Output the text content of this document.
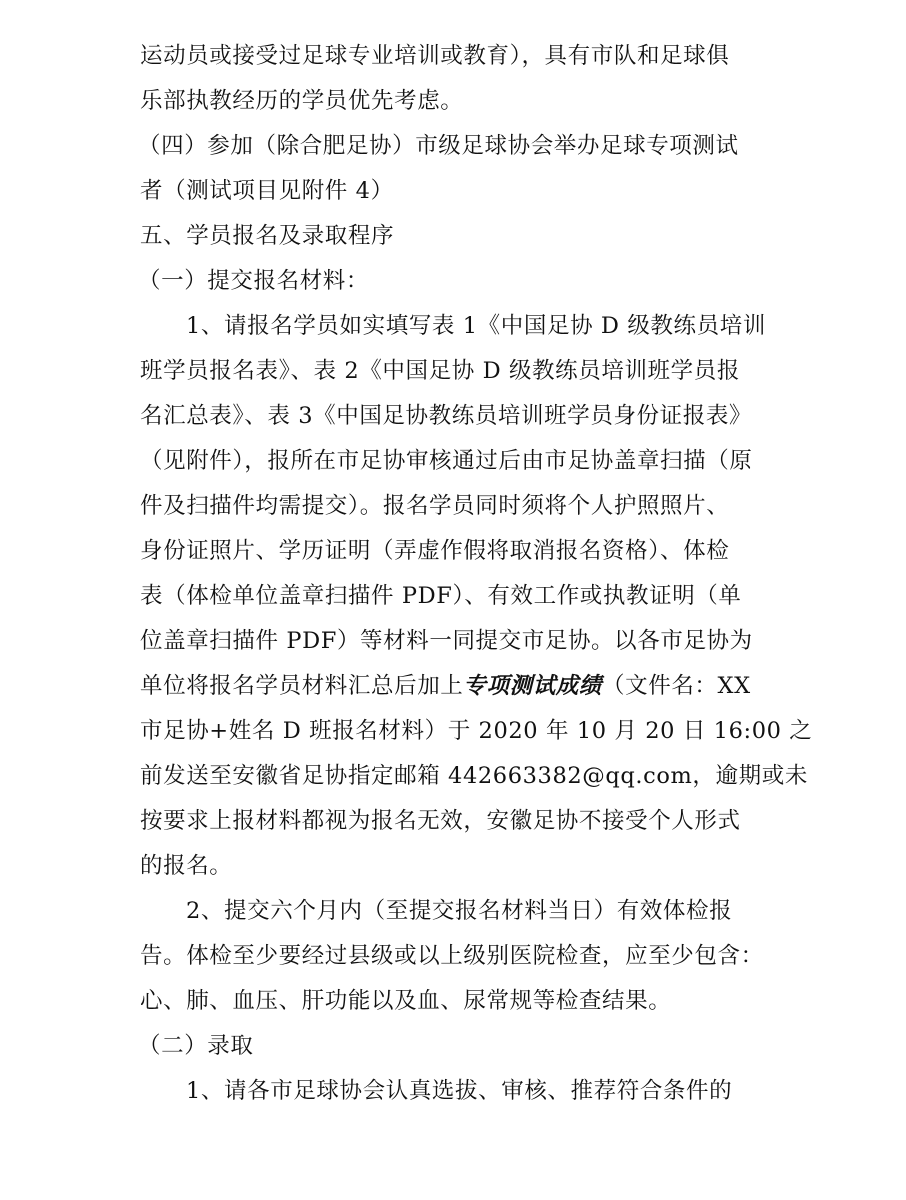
运动员或接受过足球专业培训或教育），具有市队和足球俱
乐部执教经历的学员优先考虑。
（四）参加（除合肥足协）市级足球协会举办足球专项测试
者（测试项目见附件 4）
五、学员报名及录取程序
（一）提交报名材料：
1、请报名学员如实填写表 1《中国足协 D 级教练员培训
班学员报名表》、表 2《中国足协 D 级教练员培训班学员报
名汇总表》、表 3《中国足协教练员培训班学员身份证报表》
（见附件），报所在市足协审核通过后由市足协盖章扫描（原
件及扫描件均需提交）。报名学员同时须将个人护照照片、
身份证照片、学历证明（弄虚作假将取消报名资格）、体检
表（体检单位盖章扫描件 PDF）、有效工作或执教证明（单
位盖章扫描件 PDF）等材料一同提交市足协。以各市足协为
单位将报名学员材料汇总后加上专项测试成绩（文件名：XX
市足协+姓名 D 班报名材料）于 2020 年 10 月 20 日 16:00 之
前发送至安徽省足协指定邮箱 442663382@qq.com，逾期或未
按要求上报材料都视为报名无效，安徽足协不接受个人形式
的报名。
2、提交六个月内（至提交报名材料当日）有效体检报
告。体检至少要经过县级或以上级别医院检查，应至少包含：
心、肺、血压、肝功能以及血、尿常规等检查结果。
（二）录取
1、请各市足球协会认真选拔、审核、推荐符合条件的
